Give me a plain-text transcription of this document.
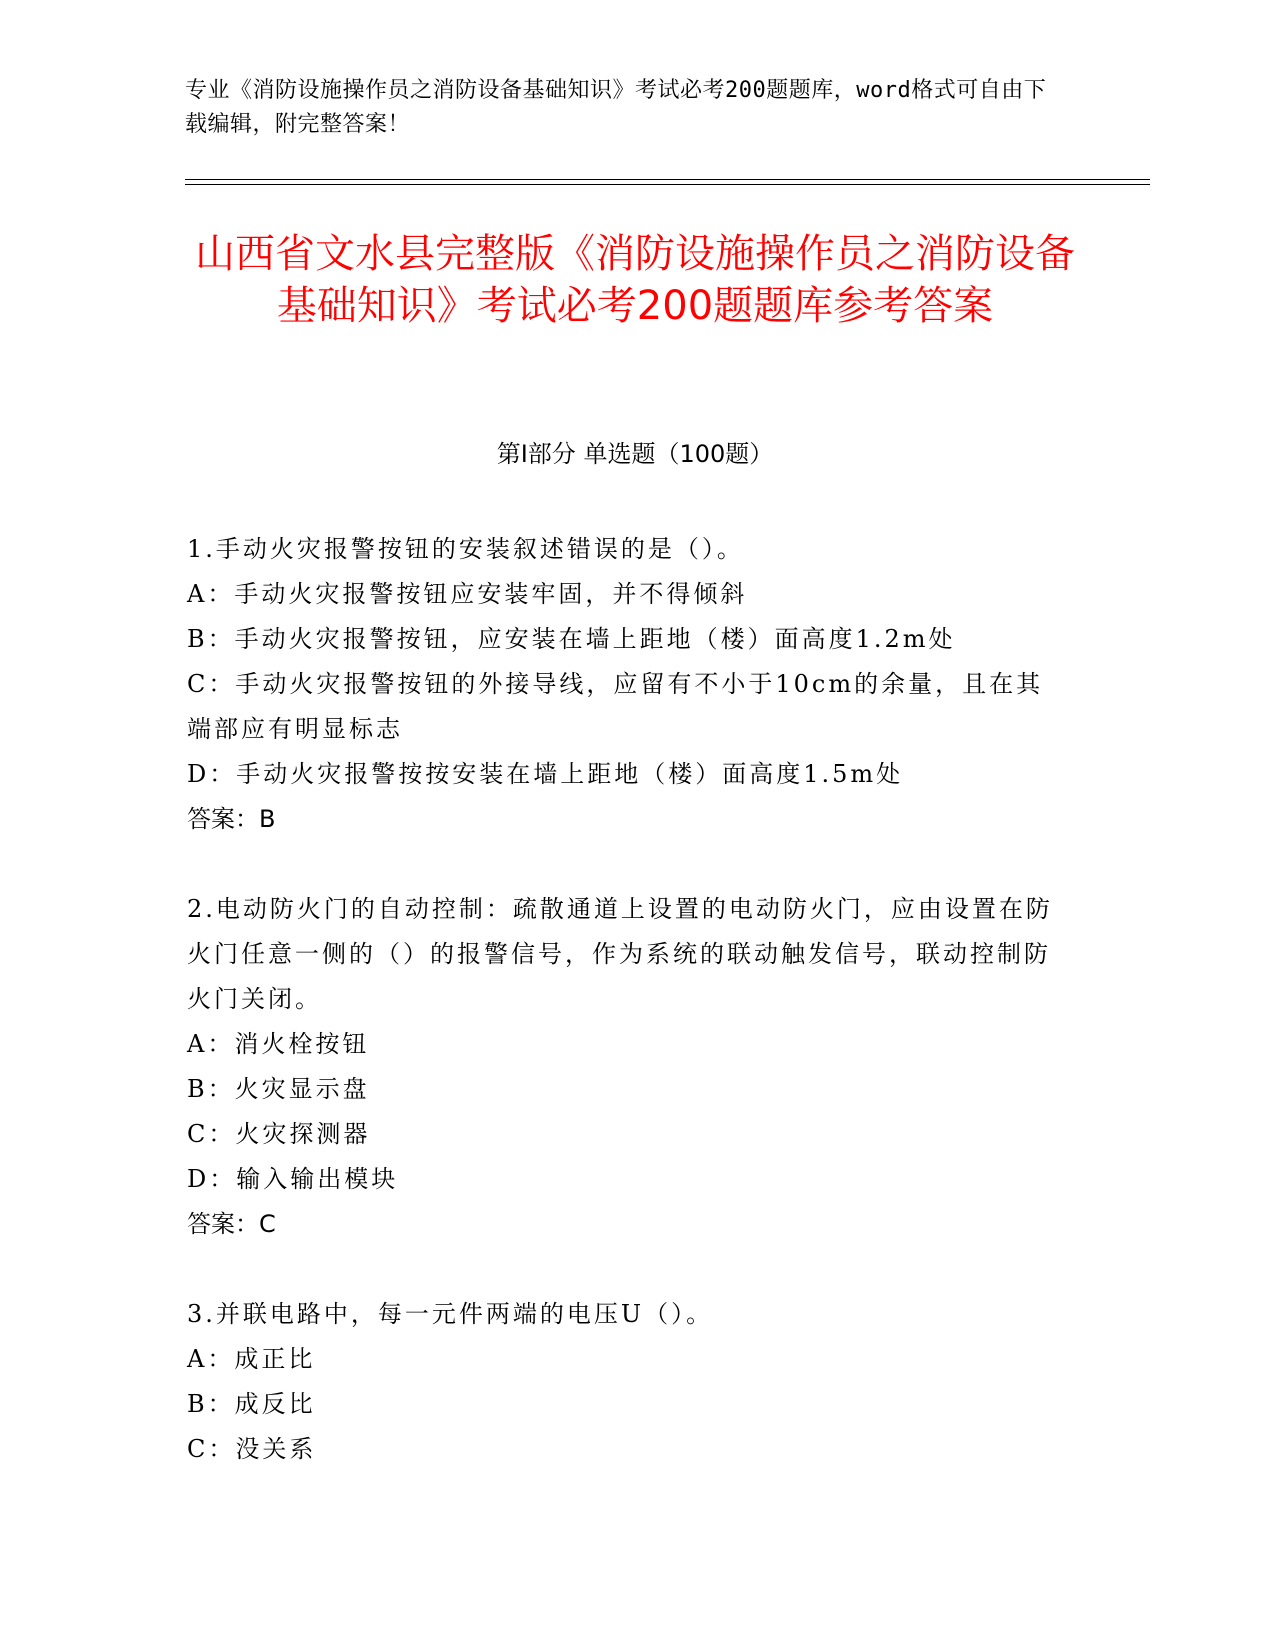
专业《消防设施操作员之消防设备基础知识》考试必考200题题库，word格式可自由下载编辑，附完整答案！
山西省文水县完整版《消防设施操作员之消防设备基础知识》考试必考200题题库参考答案
第Ⅰ部分 单选题（100题）
1.手动火灾报警按钮的安装叙述错误的是（）。
A：手动火灾报警按钮应安装牢固，并不得倾斜
B：手动火灾报警按钮，应安装在墙上距地（楼）面高度1.2m处
C：手动火灾报警按钮的外接导线，应留有不小于10cm的余量，且在其端部应有明显标志
D：手动火灾报警按按安装在墙上距地（楼）面高度1.5m处
答案：B
2.电动防火门的自动控制：疏散通道上设置的电动防火门，应由设置在防火门任意一侧的（）的报警信号，作为系统的联动触发信号，联动控制防火门关闭。
A：消火栓按钮
B：火灾显示盘
C：火灾探测器
D：输入输出模块
答案：C
3.并联电路中，每一元件两端的电压U（）。
A：成正比
B：成反比
C：没关系
